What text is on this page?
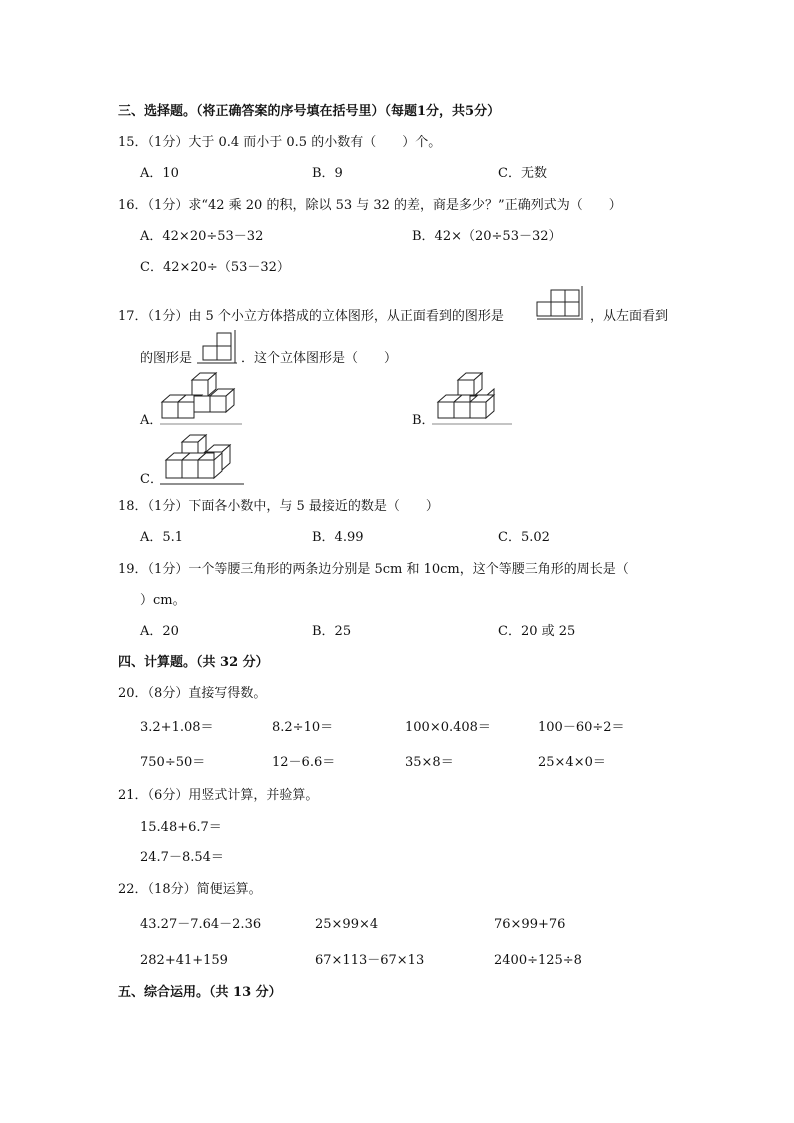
三、选择题。（将正确答案的序号填在括号里）（每题1分，共5分）
15．（1分）大于 0.4 而小于 0.5 的小数有（　　）个。
A．10	B．9	C．无数
16．（1分）求“42 乘 20 的积，除以 53 与 32 的差，商是多少？”正确列式为（　　）
A．42×20÷53－32	B．42×（20÷53－32）
C．42×20÷（53－32）
17．（1分）由 5 个小立方体搭成的立体图形，从正面看到的图形是	，从左面看到
的图形是	．这个立体图形是（　　）
A．	B．
C．
18．（1分）下面各小数中，与 5 最接近的数是（　　）
A．5.1	B．4.99	C．5.02
19．（1分）一个等腰三角形的两条边分别是 5cm 和 10cm，这个等腰三角形的周长是（
）cm。
A．20	B．25	C．20 或 25
四、计算题。（共 32 分）
20．（8分）直接写得数。
3.2+1.08＝	8.2÷10＝	100×0.408＝	100－60÷2＝
750÷50＝	12－6.6＝	35×8＝	25×4×0＝
21．（6分）用竖式计算，并验算。
15.48+6.7＝
24.7－8.54＝
22．（18分）简便运算。
43.27－7.64－2.36	25×99×4	76×99+76
282+41+159	67×113－67×13	2400÷125÷8
五、综合运用。（共 13 分）
